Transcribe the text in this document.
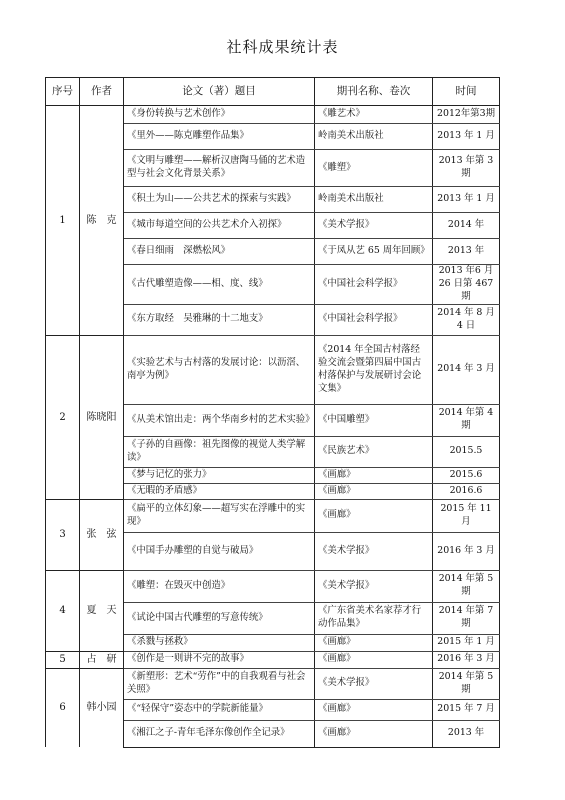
社科成果统计表
序号	作者	论文（著）题目	期刊名称、卷次	时间
1	陈　克	《身份转换与艺术创作》	《雕艺术》	2012年第3期
		《里外——陈克雕塑作品集》	岭南美术出版社	2013 年 1 月
		《文明与雕塑——解析汉唐陶马俑的艺术造型与社会文化背景关系》	《雕塑》	2013 年第 3 期
		《积土为山——公共艺术的探索与实践》	岭南美术出版社	2013 年 1 月
		《城市每道空间的公共艺术介入初探》	《美术学报》	2014 年
		《春日细雨　深燃松风》	《于凤从艺 65 周年回顾》	2013 年
		《古代雕塑造像——相、度、线》	《中国社会科学报》	2013 年6 月26 日第 467 期
		《东方取经　吴雅琳的十二地支》	《中国社会科学报》	2014 年 8 月 4 日
2	陈晓阳	《实验艺术与古村落的发展讨论：以沥滘、南亭为例》	《2014 年全国古村落经验交流会暨第四届中国古村落保护与发展研讨会论文集》	2014 年 3 月
		《从美术馆出走：两个华南乡村的艺术实验》	《中国雕塑》	2014 年第 4 期
		《子孙的自画像：祖先图像的视觉人类学解读》	《民族艺术》	2015.5
		《梦与记忆的张力》	《画廊》	2015.6
		《无暇的矛盾感》	《画廊》	2016.6
3	张　弦	《扁平的立体幻象——超写实在浮雕中的实现》	《画廊》	2015 年 11 月
		《中国手办雕塑的自觉与破局》	《美术学报》	2016 年 3 月
4	夏　天	《雕塑：在毁灭中创造》	《美术学报》	2014 年第 5 期
		《试论中国古代雕塑的写意传统》	《广东省美术名家荐才行动作品集》	2014 年第 7 期
		《杀戮与拯救》	《画廊》	2015 年 1 月
5	占　研	《创作是一则讲不完的故事》	《画廊》	2016 年 3 月
6	韩小园	《新塑形：艺术“劳作”中的自我观看与社会关照》	《美术学报》	2014 年第 5 期
		《“轻保守”姿态中的学院新能量》	《画廊》	2015 年 7 月
		《湘江之子-青年毛泽东像创作全记录》	《画廊》	2013 年
